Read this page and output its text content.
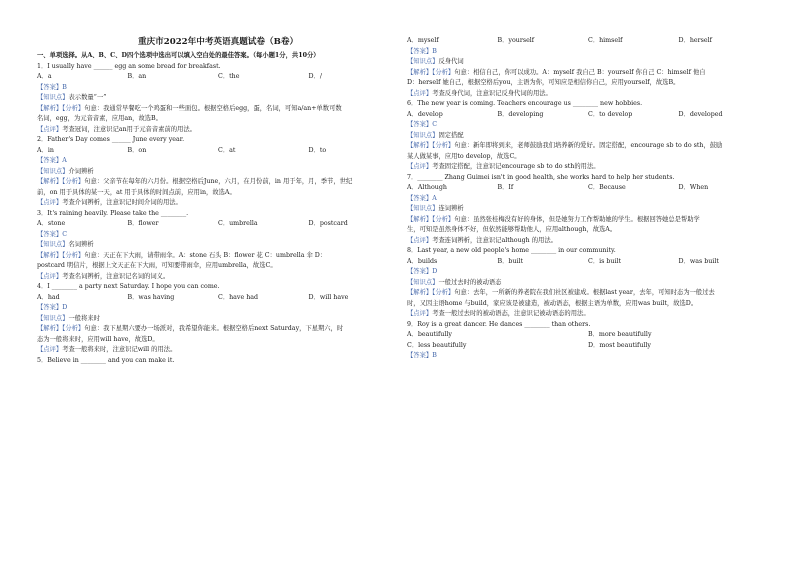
重庆市2022年中考英语真题试卷（B卷）
一、单项选择。从A、B、C、D四个选项中选出可以填入空白处的最佳答案。（每小题1分，共10分）
1．I usually have ______ egg an some bread for breakfast.
A．a	B．an	C．the	D．/
【答案】B
【知识点】表示数量“一”
【解析】【分析】句意：我通常早餐吃一个鸡蛋和一些面包。根据空格后egg，蛋，名词，可知a/an+单数可数
名词，egg，为元音音素，应用an，故选B。
【点评】考查冠词，注意识记an用于元音音素前的用法。
2．Father's Day comes ______ June every year.
A．in	B．on	C．at	D．to
【答案】A
【知识点】介词辨析
【解析】【分析】句意：父亲节在每年的六月份。根据空格后June，六月，在月份前，in 用于年，月，季节，世纪
前，on 用于具体的某一天，at 用于具体的时间点前，应用in，故选A。
【点评】考查介词辨析，注意识记时间介词的用法。
3．It's raining heavily. Please take the ________.
A．stone	B．flower	C．umbrella	D．postcard
【答案】C
【知识点】名词辨析
【解析】【分析】句意：天正在下大雨，请带雨伞。A：stone 石头 B：flower 花 C：umbrella 伞 D：
postcard 明信片，根据上文天正在下大雨，可知要带雨伞，应用umbrella，故选C。
【点评】考查名词辨析，注意识记名词的词义。
4．I ________ a party next Saturday. I hope you can come.
A．had	B．was having	C．have had	D．will have
【答案】D
【知识点】一般将来时
【解析】【分析】句意：我下星期六要办一场派对，我希望你能来。根据空格后next Saturday，下星期六，时
态为一般将来时，应用will have，故选D。
【点评】考查一般将来时，注意识记will 的用法。
5．Believe in ________ and you can make it.
A．myself	B．yourself	C．himself	D．herself
【答案】B
【知识点】反身代词
【解析】【分析】句意：相信自己，你可以成功。A：myself 我自己 B：yourself 你自己 C：himself 他自
D：herself 她自己，根据空格后you，主语为你，可知应是相信你自己，应用yourself，故选B。
【点评】考查反身代词，注意识记反身代词的用法。
6．The new year is coming. Teachers encourage us ________ new hobbies.
A．develop	B．developing	C．to develop	D．developed
【答案】C
【知识点】固定搭配
【解析】【分析】句意：新年即将到来，老师鼓励我们培养新的爱好。固定搭配，encourage sb to do sth，鼓励
某人做某事，应用to develop，故选C。
【点评】考查固定搭配，注意识记encourage sb to do sth的用法。
7．________ Zhang Guimei isn't in good health, she works hard to help her students.
A．Although	B．If	C．Because	D．When
【答案】A
【知识点】连词辨析
【解析】【分析】句意：虽然张桂梅没有好的身体，但是她努力工作帮助她的学生。根据回答她总是帮助学
生，可知是虽然身体不好，但依然能够帮助他人，应用although，故选A。
【点评】考查连词辨析，注意识记although 的用法。
8．Last year, a new old people's home ________ in our community.
A．builds	B．built	C．is built	D．was built
【答案】D
【知识点】一般过去时的被动语态
【解析】【分析】句意：去年，一所新的养老院在我们社区被建成。根据last year，去年，可知时态为一般过去
时，又因主语home 与build，家应该是被建造，被动语态，根据主语为单数，应用was built，故选D。
【点评】考查一般过去时的被动语态，注意识记被动语态的用法。
9．Roy is a great dancer. He dances ________ than others.
A．beautifully	B．more beautifully
C．less beautifully	D．most beautifully
【答案】B
